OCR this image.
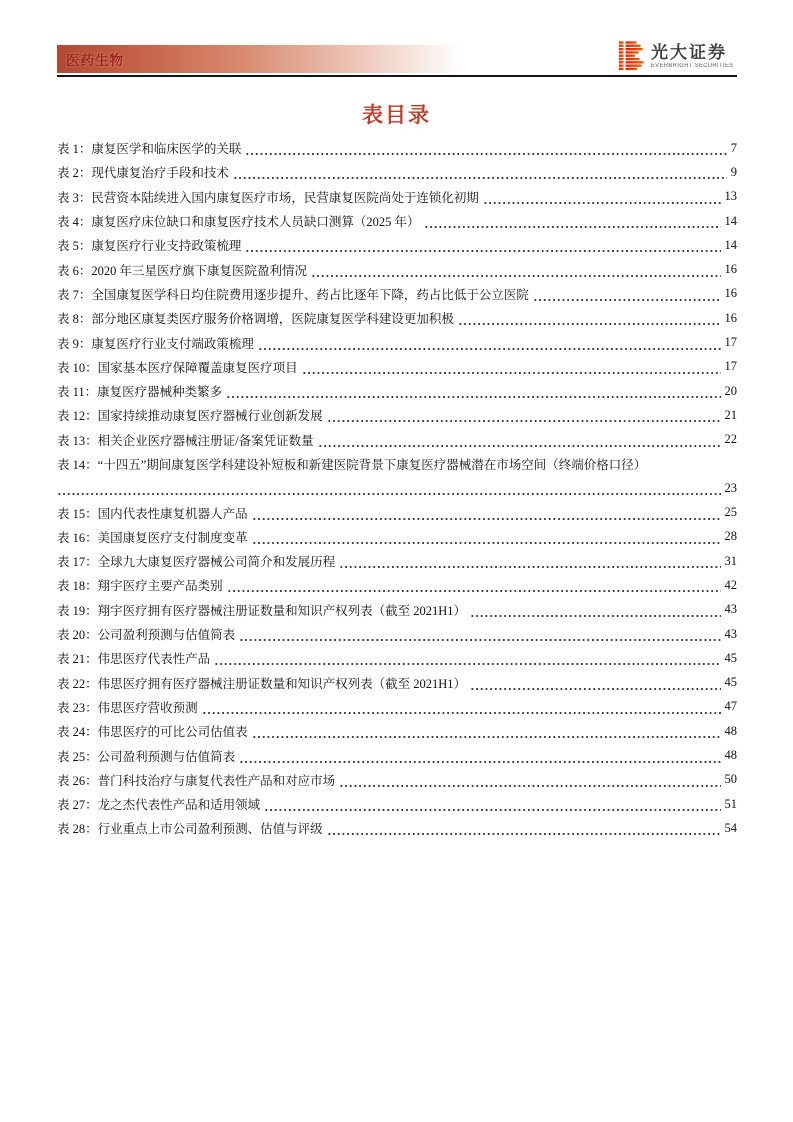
医药生物	光大证券
EVERBRIGHT SECURITIES
表目录
表 1： 康复医学和临床医学的关联	7
表 2： 现代康复治疗手段和技术	9
表 3： 民营资本陆续进入国内康复医疗市场，民营康复医院尚处于连锁化初期	13
表 4： 康复医疗床位缺口和康复医疗技术人员缺口测算（2025 年）	14
表 5： 康复医疗行业支持政策梳理	14
表 6： 2020 年三星医疗旗下康复医院盈利情况	16
表 7： 全国康复医学科日均住院费用逐步提升、药占比逐年下降，药占比低于公立医院	16
表 8： 部分地区康复类医疗服务价格调增，医院康复医学科建设更加积极	16
表 9： 康复医疗行业支付端政策梳理	17
表 10： 国家基本医疗保障覆盖康复医疗项目	17
表 11： 康复医疗器械种类繁多	20
表 12： 国家持续推动康复医疗器械行业创新发展	21
表 13： 相关企业医疗器械注册证/备案凭证数量	22
表 14： “十四五”期间康复医学科建设补短板和新建医院背景下康复医疗器械潜在市场空间（终端价格口径）
23
表 15： 国内代表性康复机器人产品	25
表 16： 美国康复医疗支付制度变革	28
表 17： 全球九大康复医疗器械公司简介和发展历程	31
表 18： 翔宇医疗主要产品类别	42
表 19： 翔宇医疗拥有医疗器械注册证数量和知识产权列表（截至 2021H1）	43
表 20： 公司盈利预测与估值简表	43
表 21： 伟思医疗代表性产品	45
表 22： 伟思医疗拥有医疗器械注册证数量和知识产权列表（截至 2021H1）	45
表 23： 伟思医疗营收预测	47
表 24： 伟思医疗的可比公司估值表	48
表 25： 公司盈利预测与估值简表	48
表 26： 普门科技治疗与康复代表性产品和对应市场	50
表 27： 龙之杰代表性产品和适用领域	51
表 28： 行业重点上市公司盈利预测、估值与评级	54
